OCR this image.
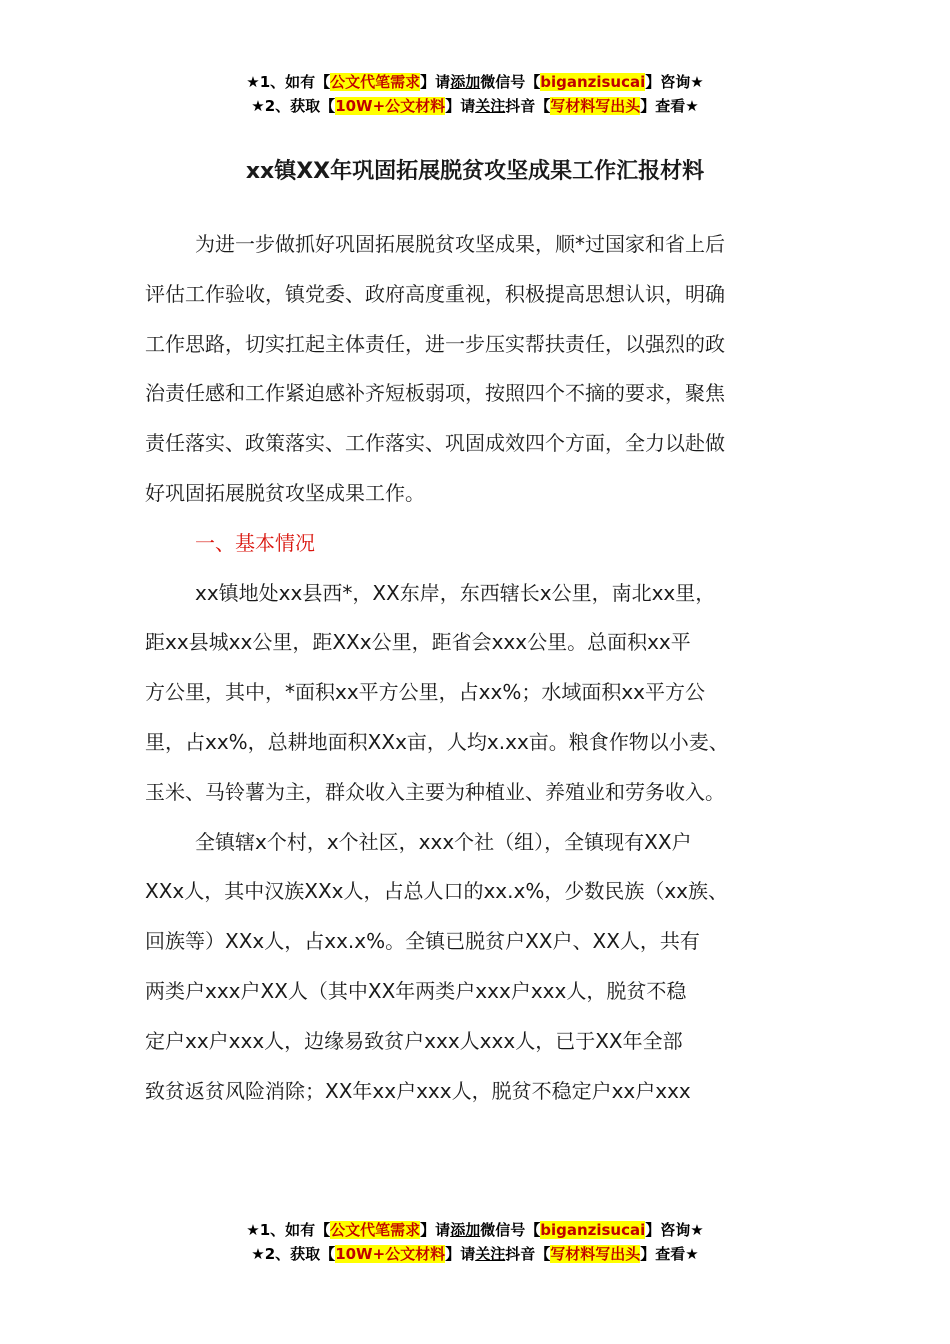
★1、如有【公文代笔需求】请添加微信号【biganzisucai】咨询★
★2、获取【10W+公文材料】请关注抖音【写材料写出头】查看★
xx镇XX年巩固拓展脱贫攻坚成果工作汇报材料
为进一步做抓好巩固拓展脱贫攻坚成果，顺*过国家和省上后
评估工作验收，镇党委、政府高度重视，积极提高思想认识，明确
工作思路，切实扛起主体责任，进一步压实帮扶责任，以强烈的政
治责任感和工作紧迫感补齐短板弱项，按照四个不摘的要求，聚焦
责任落实、政策落实、工作落实、巩固成效四个方面，全力以赴做
好巩固拓展脱贫攻坚成果工作。
一、基本情况
xx镇地处xx县西*，XX东岸，东西辖长x公里，南北xx里，
距xx县城xx公里，距XXx公里，距省会xxx公里。总面积xx平
方公里，其中，*面积xx平方公里，占xx%；水域面积xx平方公
里，占xx%，总耕地面积XXx亩，人均x.xx亩。粮食作物以小麦、
玉米、马铃薯为主，群众收入主要为种植业、养殖业和劳务收入。
全镇辖x个村，x个社区，xxx个社（组），全镇现有XX户
XXx人，其中汉族XXx人，占总人口的xx.x%，少数民族（xx族、
回族等）XXx人，占xx.x%。全镇已脱贫户XX户、XX人，共有
两类户xxx户XX人（其中XX年两类户xxx户xxx人，脱贫不稳
定户xx户xxx人，边缘易致贫户xxx人xxx人，已于XX年全部
致贫返贫风险消除；XX年xx户xxx人，脱贫不稳定户xx户xxx
★1、如有【公文代笔需求】请添加微信号【biganzisucai】咨询★
★2、获取【10W+公文材料】请关注抖音【写材料写出头】查看★
